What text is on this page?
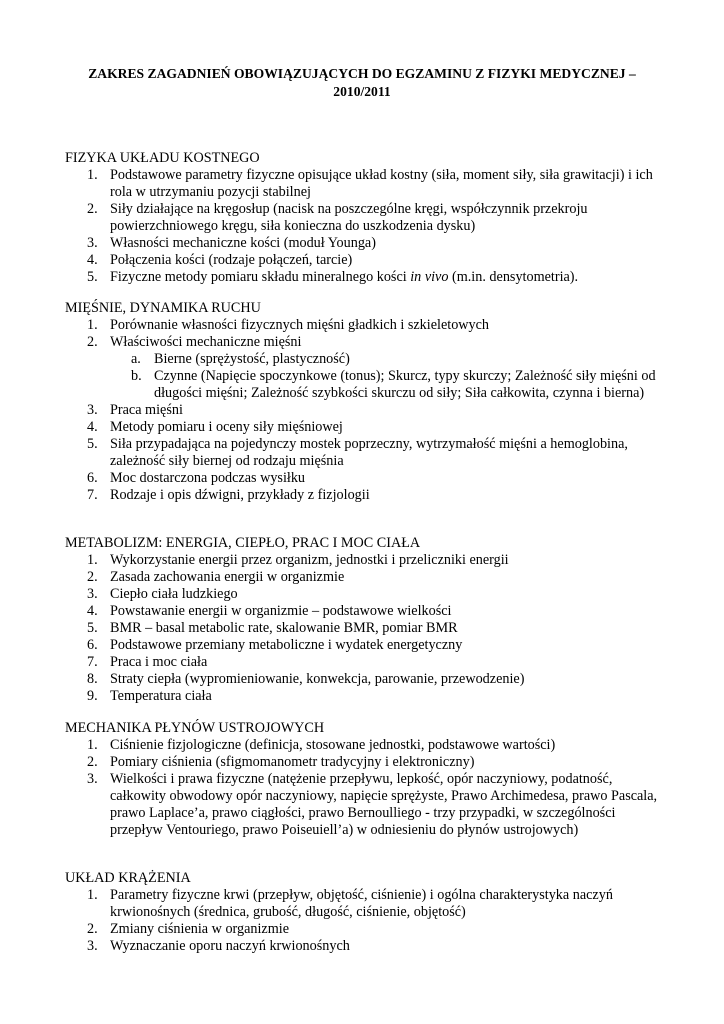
ZAKRES ZAGADNIEŃ OBOWIĄZUJĄCYCH DO EGZAMINU Z FIZYKI MEDYCZNEJ –
2010/2011
FIZYKA UKŁADU KOSTNEGO
1. Podstawowe parametry fizyczne opisujące układ kostny (siła, moment siły, siła grawitacji) i ich rola w utrzymaniu pozycji stabilnej
2. Siły działające na kręgosłup (nacisk na poszczególne kręgi, współczynnik przekroju powierzchniowego kręgu, siła konieczna do uszkodzenia dysku)
3. Własności mechaniczne kości (moduł Younga)
4. Połączenia kości (rodzaje połączeń, tarcie)
5. Fizyczne metody pomiaru składu mineralnego kości in vivo (m.in. densytometria).
MIĘŚNIE, DYNAMIKA RUCHU
1. Porównanie własności fizycznych mięśni gładkich i szkieletowych
2. Właściwości mechaniczne mięśni
a. Bierne (sprężystość, plastyczność)
b. Czynne (Napięcie spoczynkowe (tonus); Skurcz, typy skurczy; Zależność siły mięśni od długości mięśni; Zależność szybkości skurczu od siły; Siła całkowita, czynna i bierna)
3. Praca mięśni
4. Metody pomiaru i oceny siły mięśniowej
5. Siła przypadająca na pojedynczy mostek poprzeczny, wytrzymałość mięśni a hemoglobina, zależność siły biernej od rodzaju mięśnia
6. Moc dostarczona podczas wysiłku
7. Rodzaje i opis dźwigni, przykłady z fizjologii
METABOLIZM: ENERGIA, CIEPŁO, PRAC I MOC CIAŁA
1. Wykorzystanie energii przez organizm, jednostki i przeliczniki energii
2. Zasada zachowania energii w organizmie
3. Ciepło ciała ludzkiego
4. Powstawanie energii w organizmie – podstawowe wielkości
5. BMR – basal metabolic rate, skalowanie BMR, pomiar BMR
6. Podstawowe przemiany metaboliczne i wydatek energetyczny
7. Praca i moc ciała
8. Straty ciepła (wypromieniowanie, konwekcja, parowanie, przewodzenie)
9. Temperatura ciała
MECHANIKA PŁYNÓW USTROJOWYCH
1. Ciśnienie fizjologiczne (definicja, stosowane jednostki, podstawowe wartości)
2. Pomiary ciśnienia (sfigmomanometr tradycyjny i elektroniczny)
3. Wielkości i prawa fizyczne (natężenie przepływu, lepkość, opór naczyniowy, podatność, całkowity obwodowy opór naczyniowy, napięcie sprężyste, Prawo Archimedesa, prawo Pascala, prawo Laplace’a, prawo ciągłości, prawo Bernoulliego - trzy przypadki, w szczególności przepływ Ventouriego, prawo Poiseuiell’a) w odniesieniu do płynów ustrojowych)
UKŁAD KRĄŻENIA
1. Parametry fizyczne krwi (przepływ, objętość, ciśnienie) i ogólna charakterystyka naczyń krwionośnych (średnica, grubość, długość, ciśnienie, objętość)
2. Zmiany ciśnienia w organizmie
3. Wyznaczanie oporu naczyń krwionośnych
